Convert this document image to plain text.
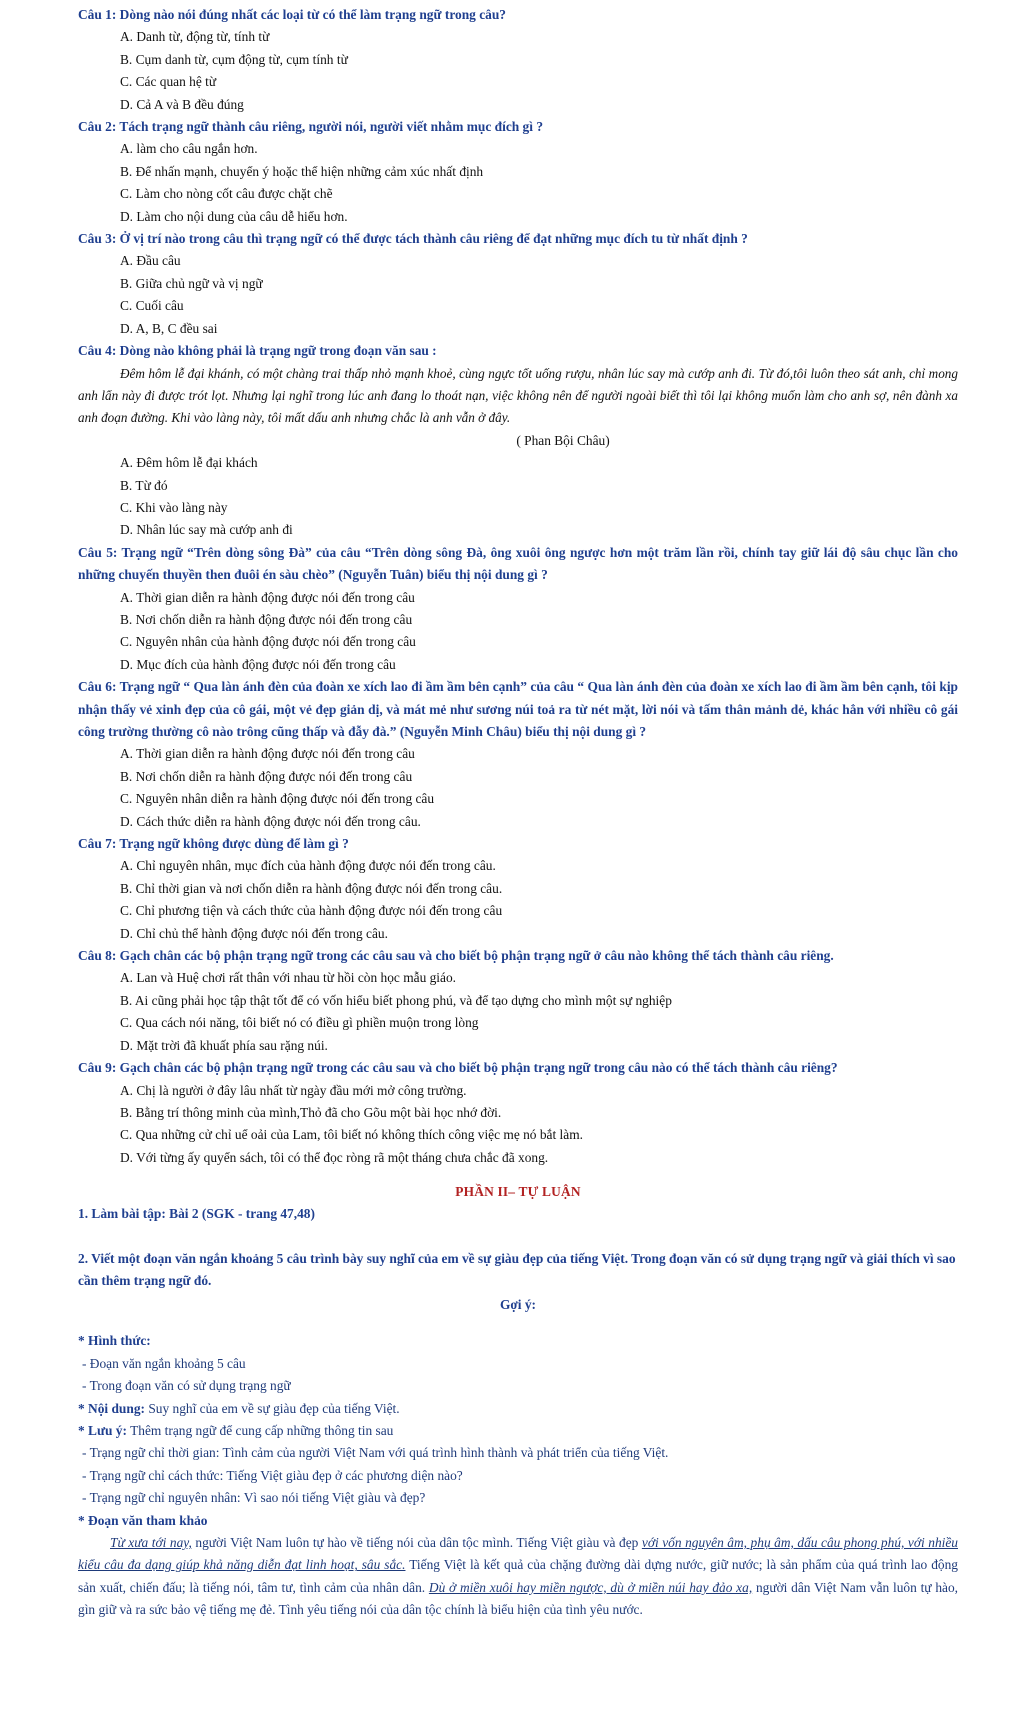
Câu 1: Dòng nào nói đúng nhất các loại từ có thể làm trạng ngữ trong câu?
A. Danh từ, động từ, tính từ
B. Cụm danh từ, cụm động từ, cụm tính từ
C. Các quan hệ từ
D. Cả A và B đều đúng
Câu 2: Tách trạng ngữ thành câu riêng, người nói, người viết nhằm mục đích gì ?
A. làm cho câu ngắn hơn.
B. Để nhấn mạnh, chuyển ý hoặc thể hiện những cảm xúc nhất định
C. Làm cho nòng cốt câu được chặt chẽ
D. Làm cho nội dung của câu dễ hiểu hơn.
Câu 3: Ở vị trí nào trong câu thì trạng ngữ có thể được tách thành câu riêng để đạt những mục đích tu từ nhất định ?
A. Đầu câu
B. Giữa chủ ngữ và vị ngữ
C. Cuối câu
D. A, B, C đều sai
Câu 4: Dòng nào không phải là trạng ngữ trong đoạn văn sau :
Đêm hôm lễ đại khánh, có một chàng trai thấp nhỏ mạnh khoẻ, cùng ngực tốt uống rượu, nhân lúc say mà cướp anh đi. Từ đó,tôi luôn theo sát anh, chỉ mong anh lẩn này đi được trót lọt. Nhưng lại nghĩ trong lúc anh đang lo thoát nạn, việc không nên để người ngoài biết thì tôi lại không muốn làm cho anh sợ, nên đành xa anh đoạn đường. Khi vào làng này, tôi mất dấu anh nhưng chắc là anh vẫn ở đây.
( Phan Bội Châu)
A. Đêm hôm lễ đại khách
B. Từ đó
C. Khi vào làng này
D. Nhân lúc say mà cướp anh đi
Câu 5: Trạng ngữ “Trên dòng sông Đà” của câu “Trên dòng sông Đà, ông xuôi ông ngược hơn một trăm lần rồi, chính tay giữ lái độ sâu chục lần cho những chuyến thuyền then đuôi én sàu chèo” (Nguyễn Tuân) biểu thị nội dung gì ?
A. Thời gian diễn ra hành động được nói đến trong câu
B. Nơi chốn diễn ra hành động được nói đến trong câu
C. Nguyên nhân của hành động được nói đến trong câu
D. Mục đích của hành động được nói đến trong câu
Câu 6: Trạng ngữ “ Qua làn ánh đèn của đoàn xe xích lao đi ầm ầm bên cạnh” của câu “ Qua làn ánh đèn của đoàn xe xích lao đi ầm ầm bên cạnh, tôi kịp nhận thấy vẻ xinh đẹp của cô gái, một vẻ đẹp giản dị, và mát mẻ như sương núi toả ra từ nét mặt, lời nói và tấm thân mảnh dẻ, khác hẳn với nhiều cô gái công trường thường cô nào trông cũng thấp và đẫy đà.” (Nguyễn Minh Châu) biểu thị nội dung gì ?
A. Thời gian diễn ra hành động được nói đến trong câu
B. Nơi chốn diễn ra hành động được nói đến trong câu
C. Nguyên nhân diễn ra hành động được nói đến trong câu
D. Cách thức diễn ra hành động được nói đến trong câu.
Câu 7: Trạng ngữ không được dùng để làm gì ?
A. Chỉ nguyên nhân, mục đích của hành động được nói đến trong câu.
B. Chỉ thời gian và nơi chốn diễn ra hành động được nói đến trong câu.
C. Chỉ phương tiện và cách thức của hành động được nói đến trong câu
D. Chỉ chủ thể hành động được nói đến trong câu.
Câu 8: Gạch chân các bộ phận trạng ngữ trong các câu sau và cho biết bộ phận trạng ngữ ở câu nào không thể tách thành câu riêng.
A. Lan và Huệ chơi rất thân với nhau từ hồi còn học mẫu giáo.
B. Ai cũng phải học tập thật tốt để có vốn hiểu biết phong phú, và để tạo dựng cho mình một sự nghiệp
C. Qua cách nói năng, tôi biết nó có điều gì phiền muộn trong lòng
D. Mặt trời đã khuất phía sau rặng núi.
Câu 9: Gạch chân các bộ phận trạng ngữ trong các câu sau và cho biết bộ phận trạng ngữ trong câu nào có thể tách thành câu riêng?
A. Chị là người ở đây lâu nhất từ ngày đầu mới mở công trường.
B. Bằng trí thông minh của mình,Thỏ đã cho Gõu một bài học nhớ đời.
C. Qua những cử chỉ uể oải của Lam, tôi biết nó không thích công việc mẹ nó bắt làm.
D. Với từng ấy quyển sách, tôi có thể đọc ròng rã một tháng chưa chắc đã xong.
PHẦN II– TỰ LUẬN
1. Làm bài tập: Bài 2 (SGK - trang 47,48)
2. Viết một đoạn văn ngắn khoảng 5 câu trình bày suy nghĩ của em về sự giàu đẹp của tiếng Việt. Trong đoạn văn có sử dụng trạng ngữ và giải thích vì sao cần thêm trạng ngữ đó.
Gợi ý:
* Hình thức:
- Đoạn văn ngắn khoảng 5 câu
- Trong đoạn văn có sử dụng trạng ngữ
* Nội dung: Suy nghĩ của em về sự giàu đẹp của tiếng Việt.
* Lưu ý: Thêm trạng ngữ để cung cấp những thông tin sau
- Trạng ngữ chỉ thời gian: Tình cảm của người Việt Nam với quá trình hình thành và phát triển của tiếng Việt.
- Trạng ngữ chỉ cách thức: Tiếng Việt giàu đẹp ở các phương diện nào?
- Trạng ngữ chỉ nguyên nhân: Vì sao nói tiếng Việt giàu và đẹp?
* Đoạn văn tham khảo
Từ xưa tới nay, người Việt Nam luôn tự hào về tiếng nói của dân tộc mình. Tiếng Việt giàu và đẹp với vốn nguyên âm, phụ âm, dấu câu phong phú, với nhiều kiểu câu đa dạng giúp khả năng diễn đạt linh hoạt, sâu sắc. Tiếng Việt là kết quả của chặng đường dài dựng nước, giữ nước; là sản phẩm của quá trình lao động sản xuất, chiến đấu; là tiếng nói, tâm tư, tình cảm của nhân dân. Dù ở miền xuôi hay miền ngược, dù ở miền núi hay đảo xa, người dân Việt Nam vẫn luôn tự hào, gìn giữ và ra sức bảo vệ tiếng mẹ đẻ. Tình yêu tiếng nói của dân tộc chính là biểu hiện của tình yêu nước.
